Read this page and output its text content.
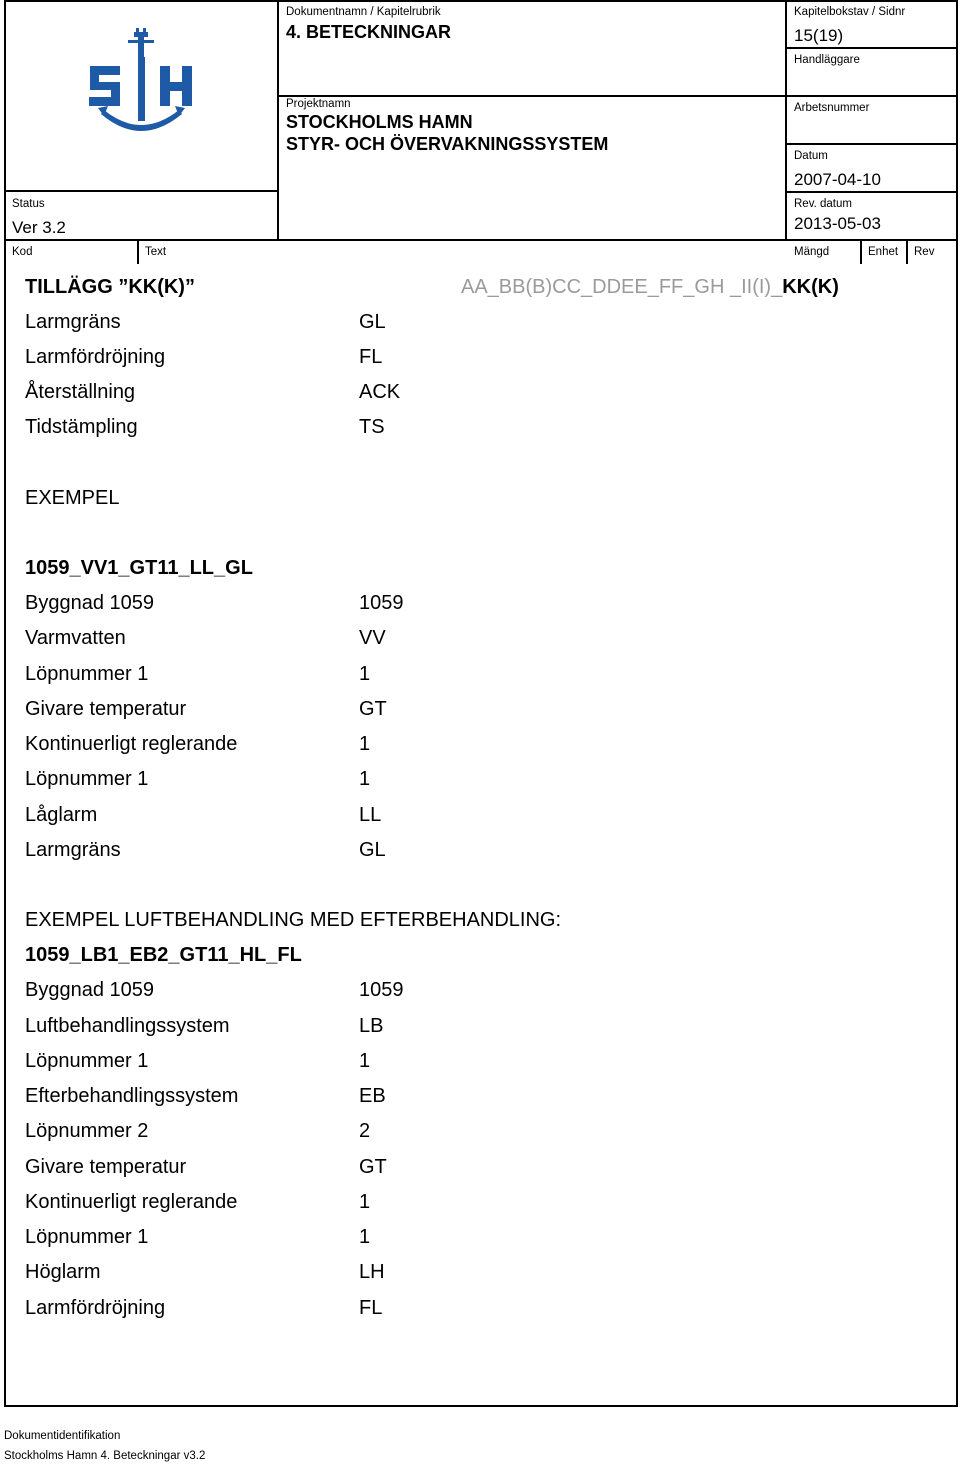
Status
Ver 3.2
Dokumentnamn / Kapitelrubrik
4. BETECKNINGAR
Kapitelbokstav / Sidnr
15(19)
Handläggare
Projektnamn
STOCKHOLMS HAMN
STYR- OCH ÖVERVAKNINGSSYSTEM
Arbetsnummer
Datum
2007-04-10
Rev. datum
2013-05-03
Kod	Text	Mängd	Enhet Rev
TILLÄGG ”KK(K)”	AA_BB(B)CC_DDEE_FF_GH _II(I)_KK(K)
Larmgräns	GL
Larmfördröjning	FL
Återställning	ACK
Tidstämpling	TS
EXEMPEL
1059_VV1_GT11_LL_GL
Byggnad 1059	1059
Varmvatten	VV
Löpnummer 1	1
Givare temperatur	GT
Kontinuerligt reglerande	1
Löpnummer 1	1
Låglarm	LL
Larmgräns	GL
EXEMPEL LUFTBEHANDLING MED EFTERBEHANDLING:
1059_LB1_EB2_GT11_HL_FL
Byggnad 1059	1059
Luftbehandlingssystem	LB
Löpnummer 1	1
Efterbehandlingssystem	EB
Löpnummer 2	2
Givare temperatur	GT
Kontinuerligt reglerande	1
Löpnummer 1	1
Höglarm	LH
Larmfördröjning	FL
Dokumentidentifikation
Stockholms Hamn 4. Beteckningar v3.2
